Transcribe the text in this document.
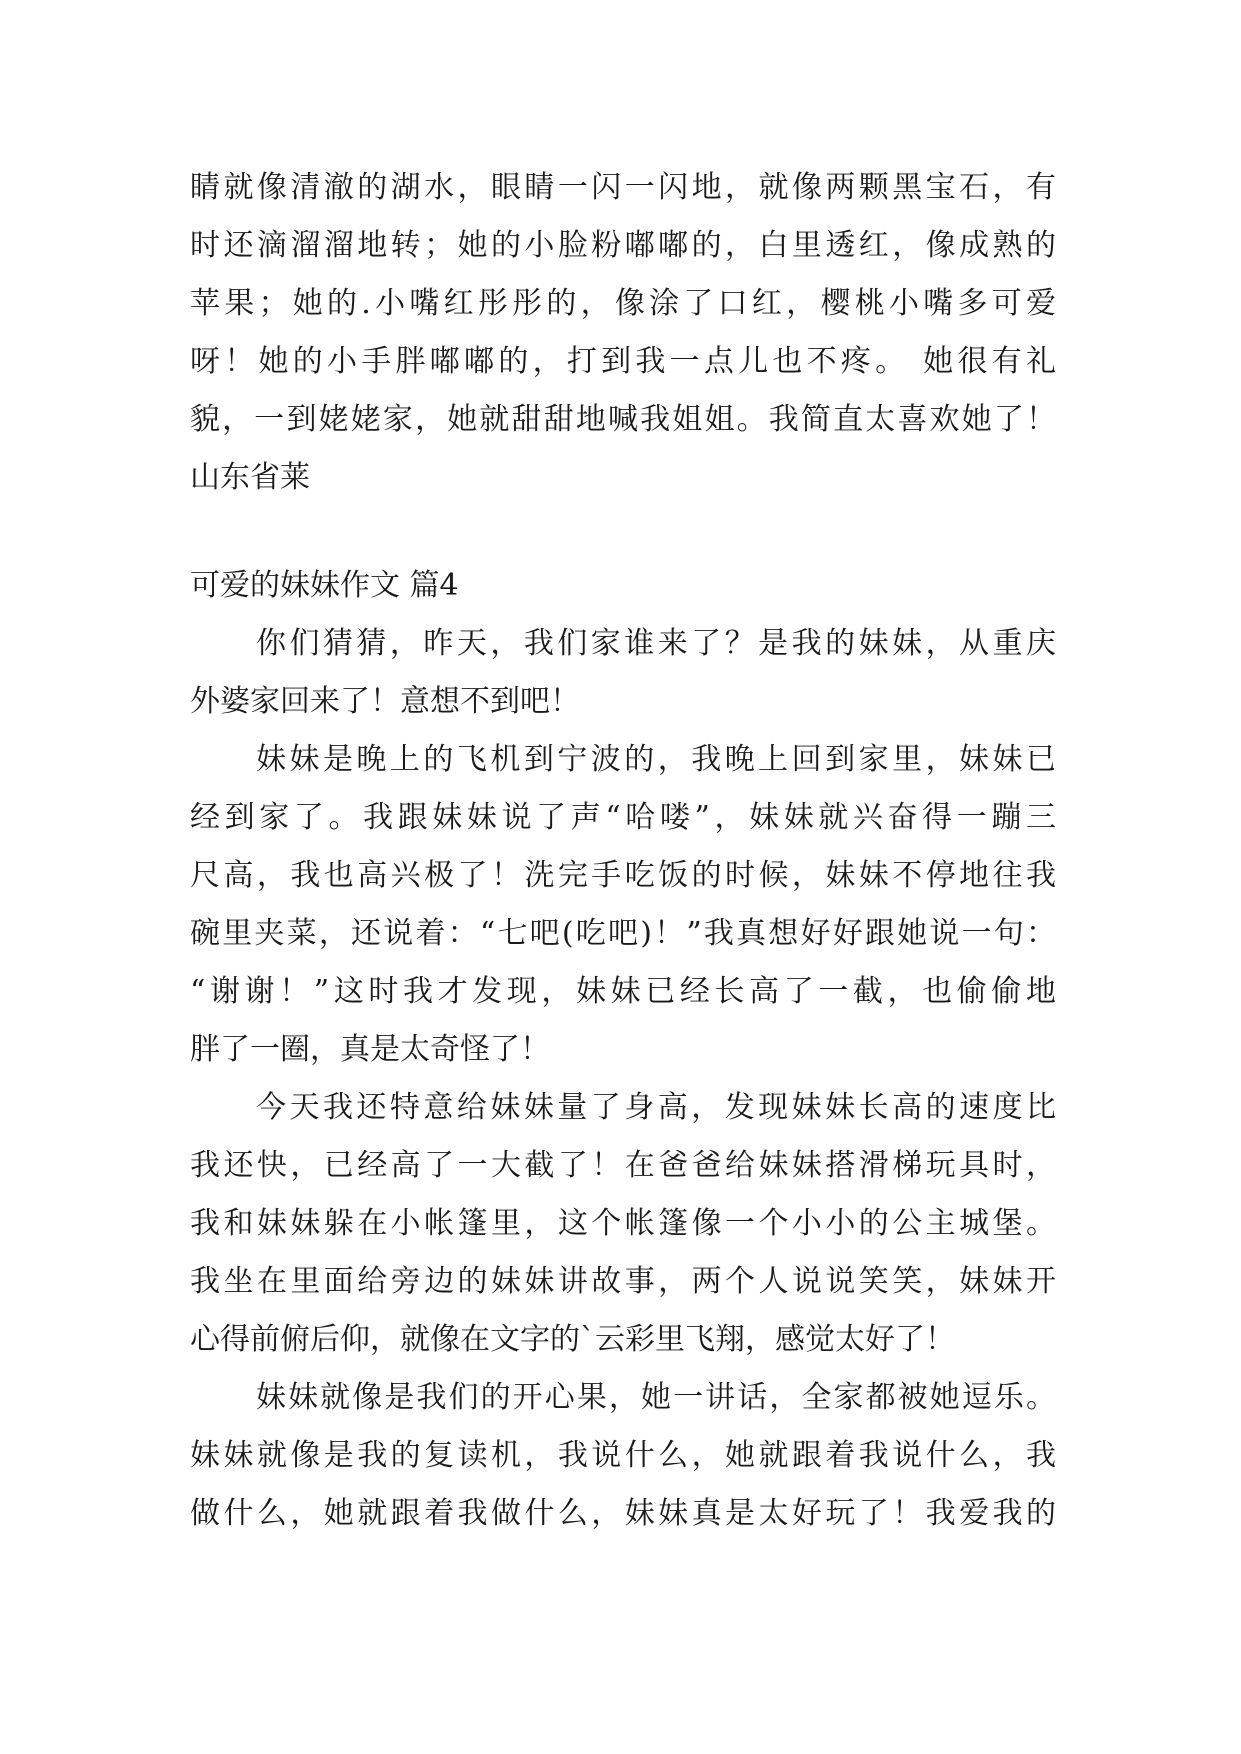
睛就像清澈的湖水，眼睛一闪一闪地，就像两颗黑宝石，有
时还滴溜溜地转；她的小脸粉嘟嘟的，白里透红，像成熟的
苹果；她的.小嘴红彤彤的，像涂了口红，樱桃小嘴多可爱
呀！她的小手胖嘟嘟的，打到我一点儿也不疼。 她很有礼
貌，一到姥姥家，她就甜甜地喊我姐姐。我简直太喜欢她了！
山东省莱
可爱的妹妹作文 篇4
你们猜猜，昨天，我们家谁来了？是我的妹妹，从重庆
外婆家回来了！意想不到吧！
妹妹是晚上的飞机到宁波的，我晚上回到家里，妹妹已
经到家了。我跟妹妹说了声“哈喽”，妹妹就兴奋得一蹦三
尺高，我也高兴极了！洗完手吃饭的时候，妹妹不停地往我
碗里夹菜，还说着：“七吧(吃吧)！”我真想好好跟她说一句：
“谢谢！”这时我才发现，妹妹已经长高了一截，也偷偷地
胖了一圈，真是太奇怪了！
今天我还特意给妹妹量了身高，发现妹妹长高的速度比
我还快，已经高了一大截了！在爸爸给妹妹搭滑梯玩具时，
我和妹妹躲在小帐篷里，这个帐篷像一个小小的公主城堡。
我坐在里面给旁边的妹妹讲故事，两个人说说笑笑，妹妹开
心得前俯后仰，就像在文字的`云彩里飞翔，感觉太好了！
妹妹就像是我们的开心果，她一讲话，全家都被她逗乐。
妹妹就像是我的复读机，我说什么，她就跟着我说什么，我
做什么，她就跟着我做什么，妹妹真是太好玩了！我爱我的
